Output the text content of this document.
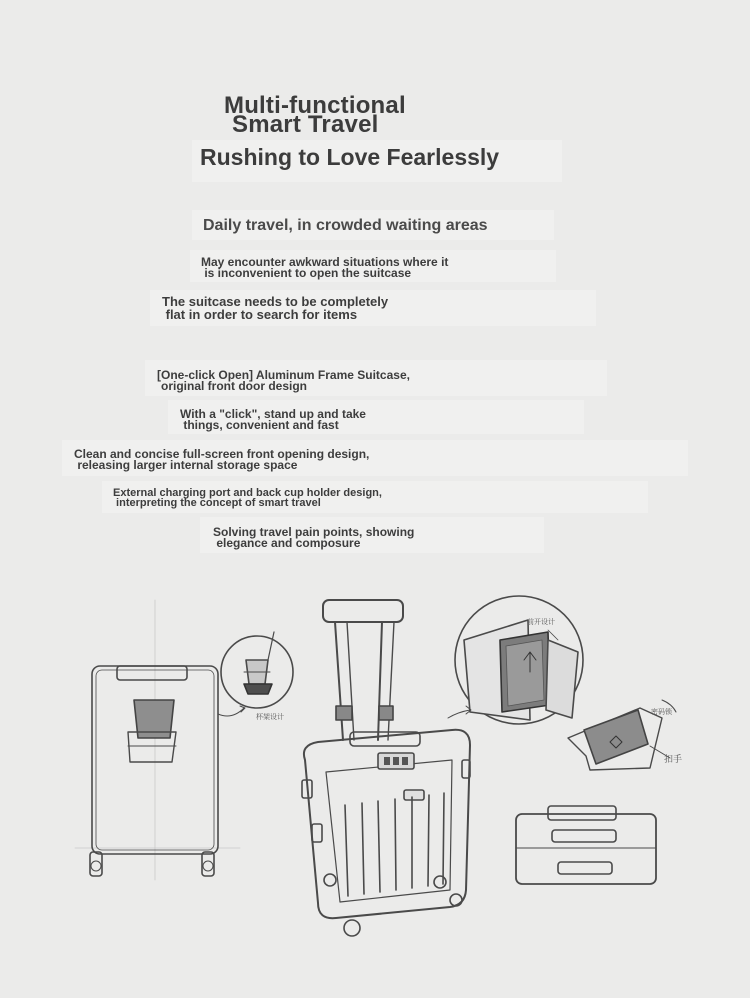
Multi-functional
Smart Travel
Rushing to Love Fearlessly
Daily travel, in crowded waiting areas
May encounter awkward situations where it
is inconvenient to open the suitcase
The suitcase needs to be completely
flat in order to search for items
[One-click Open] Aluminum Frame Suitcase,
original front door design
With a "click", stand up and take
things, convenient and fast
Clean and concise full-screen front opening design,
releasing larger internal storage space
External charging port and back cup holder design,
interpreting the concept of smart travel
Solving travel pain points, showing
elegance and composure
杯架设计
前开设计
密码锁
扣手
